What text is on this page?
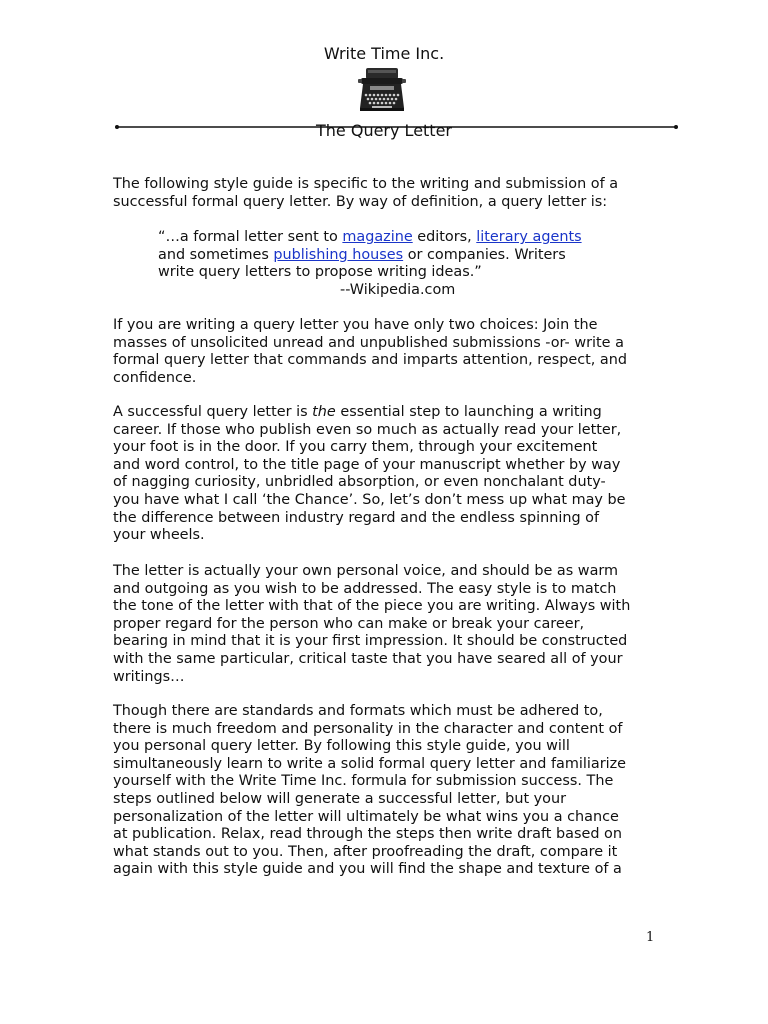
Write Time Inc.
The Query Letter
The following style guide is specific to the writing and submission of a
successful formal query letter. By way of definition, a query letter is:
“…a formal letter sent to magazine editors, literary agents
and sometimes publishing houses or companies. Writers
write query letters to propose writing ideas.”
--Wikipedia.com
If you are writing a query letter you have only two choices: Join the
masses of unsolicited unread and unpublished submissions -or- write a
formal query letter that commands and imparts attention, respect, and
confidence.
A successful query letter is the essential step to launching a writing
career. If those who publish even so much as actually read your letter,
your foot is in the door. If you carry them, through your excitement
and word control, to the title page of your manuscript whether by way
of nagging curiosity, unbridled absorption, or even nonchalant duty-
you have what I call ‘the Chance’. So, let’s don’t mess up what may be
the difference between industry regard and the endless spinning of
your wheels.
The letter is actually your own personal voice, and should be as warm
and outgoing as you wish to be addressed. The easy style is to match
the tone of the letter with that of the piece you are writing. Always with
proper regard for the person who can make or break your career,
bearing in mind that it is your first impression. It should be constructed
with the same particular, critical taste that you have seared all of your
writings…
Though there are standards and formats which must be adhered to,
there is much freedom and personality in the character and content of
you personal query letter. By following this style guide, you will
simultaneously learn to write a solid formal query letter and familiarize
yourself with the Write Time Inc. formula for submission success. The
steps outlined below will generate a successful letter, but your
personalization of the letter will ultimately be what wins you a chance
at publication. Relax, read through the steps then write draft based on
what stands out to you. Then, after proofreading the draft, compare it
again with this style guide and you will find the shape and texture of a
1
